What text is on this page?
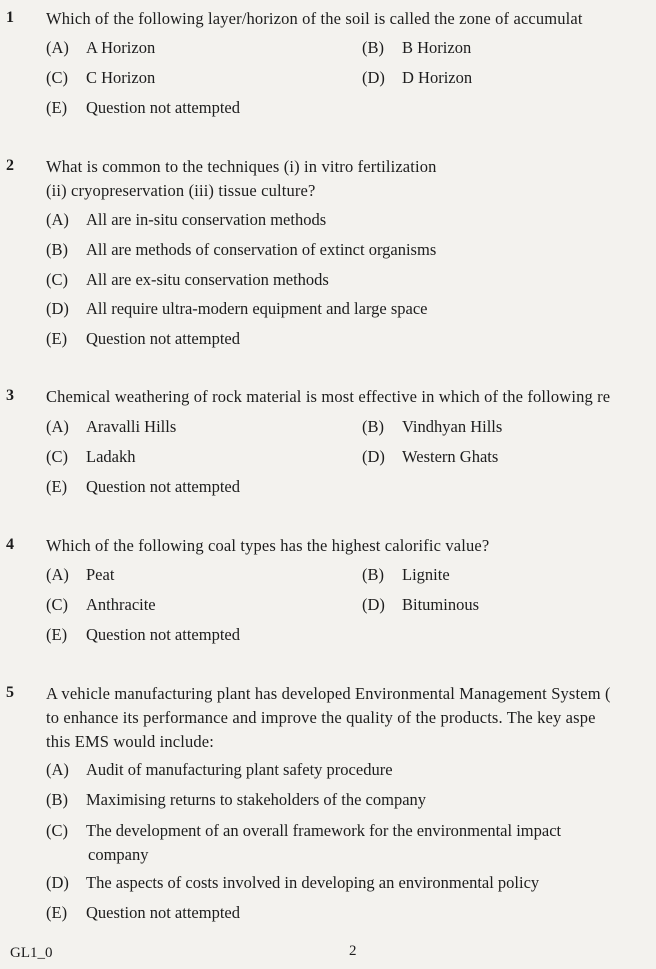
1 Which of the following layer/horizon of the soil is called the zone of accumulat
(A) A Horizon	(B) B Horizon
(C) C Horizon	(D) D Horizon
(E) Question not attempted
2 What is common to the techniques (i) in vitro fertilization
(ii) cryopreservation (iii) tissue culture?
(A) All are in-situ conservation methods
(B) All are methods of conservation of extinct organisms
(C) All are ex-situ conservation methods
(D) All require ultra-modern equipment and large space
(E) Question not attempted
3 Chemical weathering of rock material is most effective in which of the following re
(A) Aravalli Hills	(B) Vindhyan Hills
(C) Ladakh	(D) Western Ghats
(E) Question not attempted
4 Which of the following coal types has the highest calorific value?
(A) Peat	(B) Lignite
(C) Anthracite	(D) Bituminous
(E) Question not attempted
5 A vehicle manufacturing plant has developed Environmental Management System (
to enhance its performance and improve the quality of the products. The key aspe
this EMS would include:
(A) Audit of manufacturing plant safety procedure
(B) Maximising returns to stakeholders of the company
(C) The development of an overall framework for the environmental impact
company
(D) The aspects of costs involved in developing an environmental policy
(E) Question not attempted
GL1_0	2
